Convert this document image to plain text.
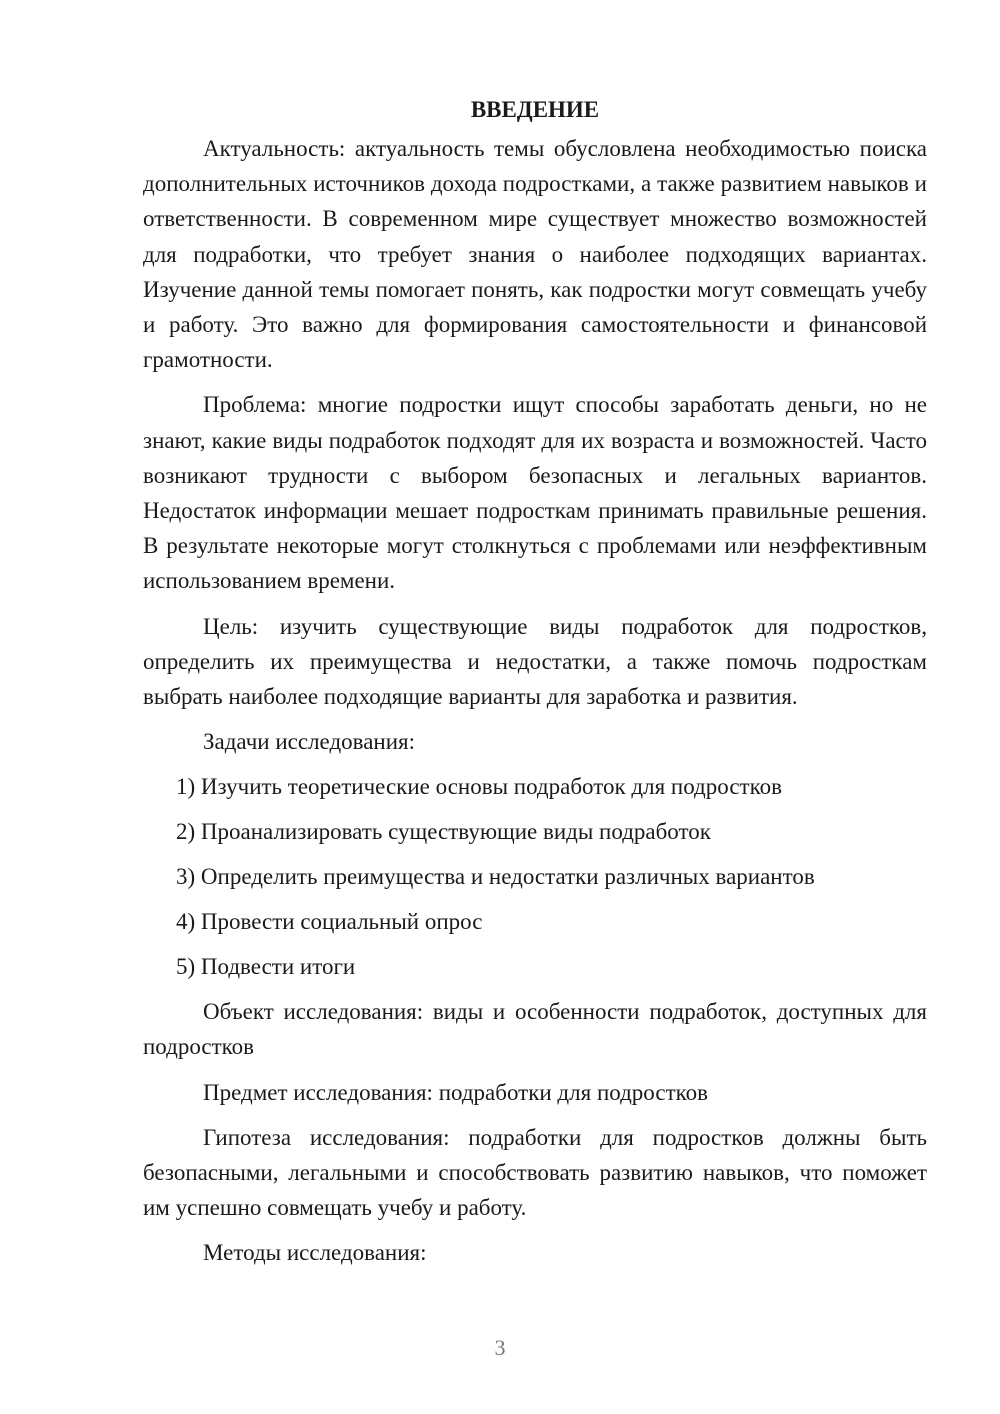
ВВЕДЕНИЕ

Актуальность: актуальность темы обусловлена необходимостью поиска дополнительных источников дохода подростками, а также развитием навыков и ответственности. В современном мире существует множество возможностей для подработки, что требует знания о наиболее подходящих вариантах. Изучение данной темы помогает понять, как подростки могут совмещать учебу и работу. Это важно для формирования самостоятельности и финансовой грамотности.

Проблема: многие подростки ищут способы заработать деньги, но не знают, какие виды подработок подходят для их возраста и возможностей. Часто возникают трудности с выбором безопасных и легальных вариантов. Недостаток информации мешает подросткам принимать правильные решения. В результате некоторые могут столкнуться с проблемами или неэффективным использованием времени.

Цель: изучить существующие виды подработок для подростков, определить их преимущества и недостатки, а также помочь подросткам выбрать наиболее подходящие варианты для заработка и развития.

Задачи исследования:

1) Изучить теоретические основы подработок для подростков

2) Проанализировать существующие виды подработок

3) Определить преимущества и недостатки различных вариантов

4) Провести социальный опрос

5) Подвести итоги

Объект исследования: виды и особенности подработок, доступных для подростков

Предмет исследования: подработки для подростков

Гипотеза исследования: подработки для подростков должны быть безопасными, легальными и способствовать развитию навыков, что поможет им успешно совмещать учебу и работу.

Методы исследования:

3
